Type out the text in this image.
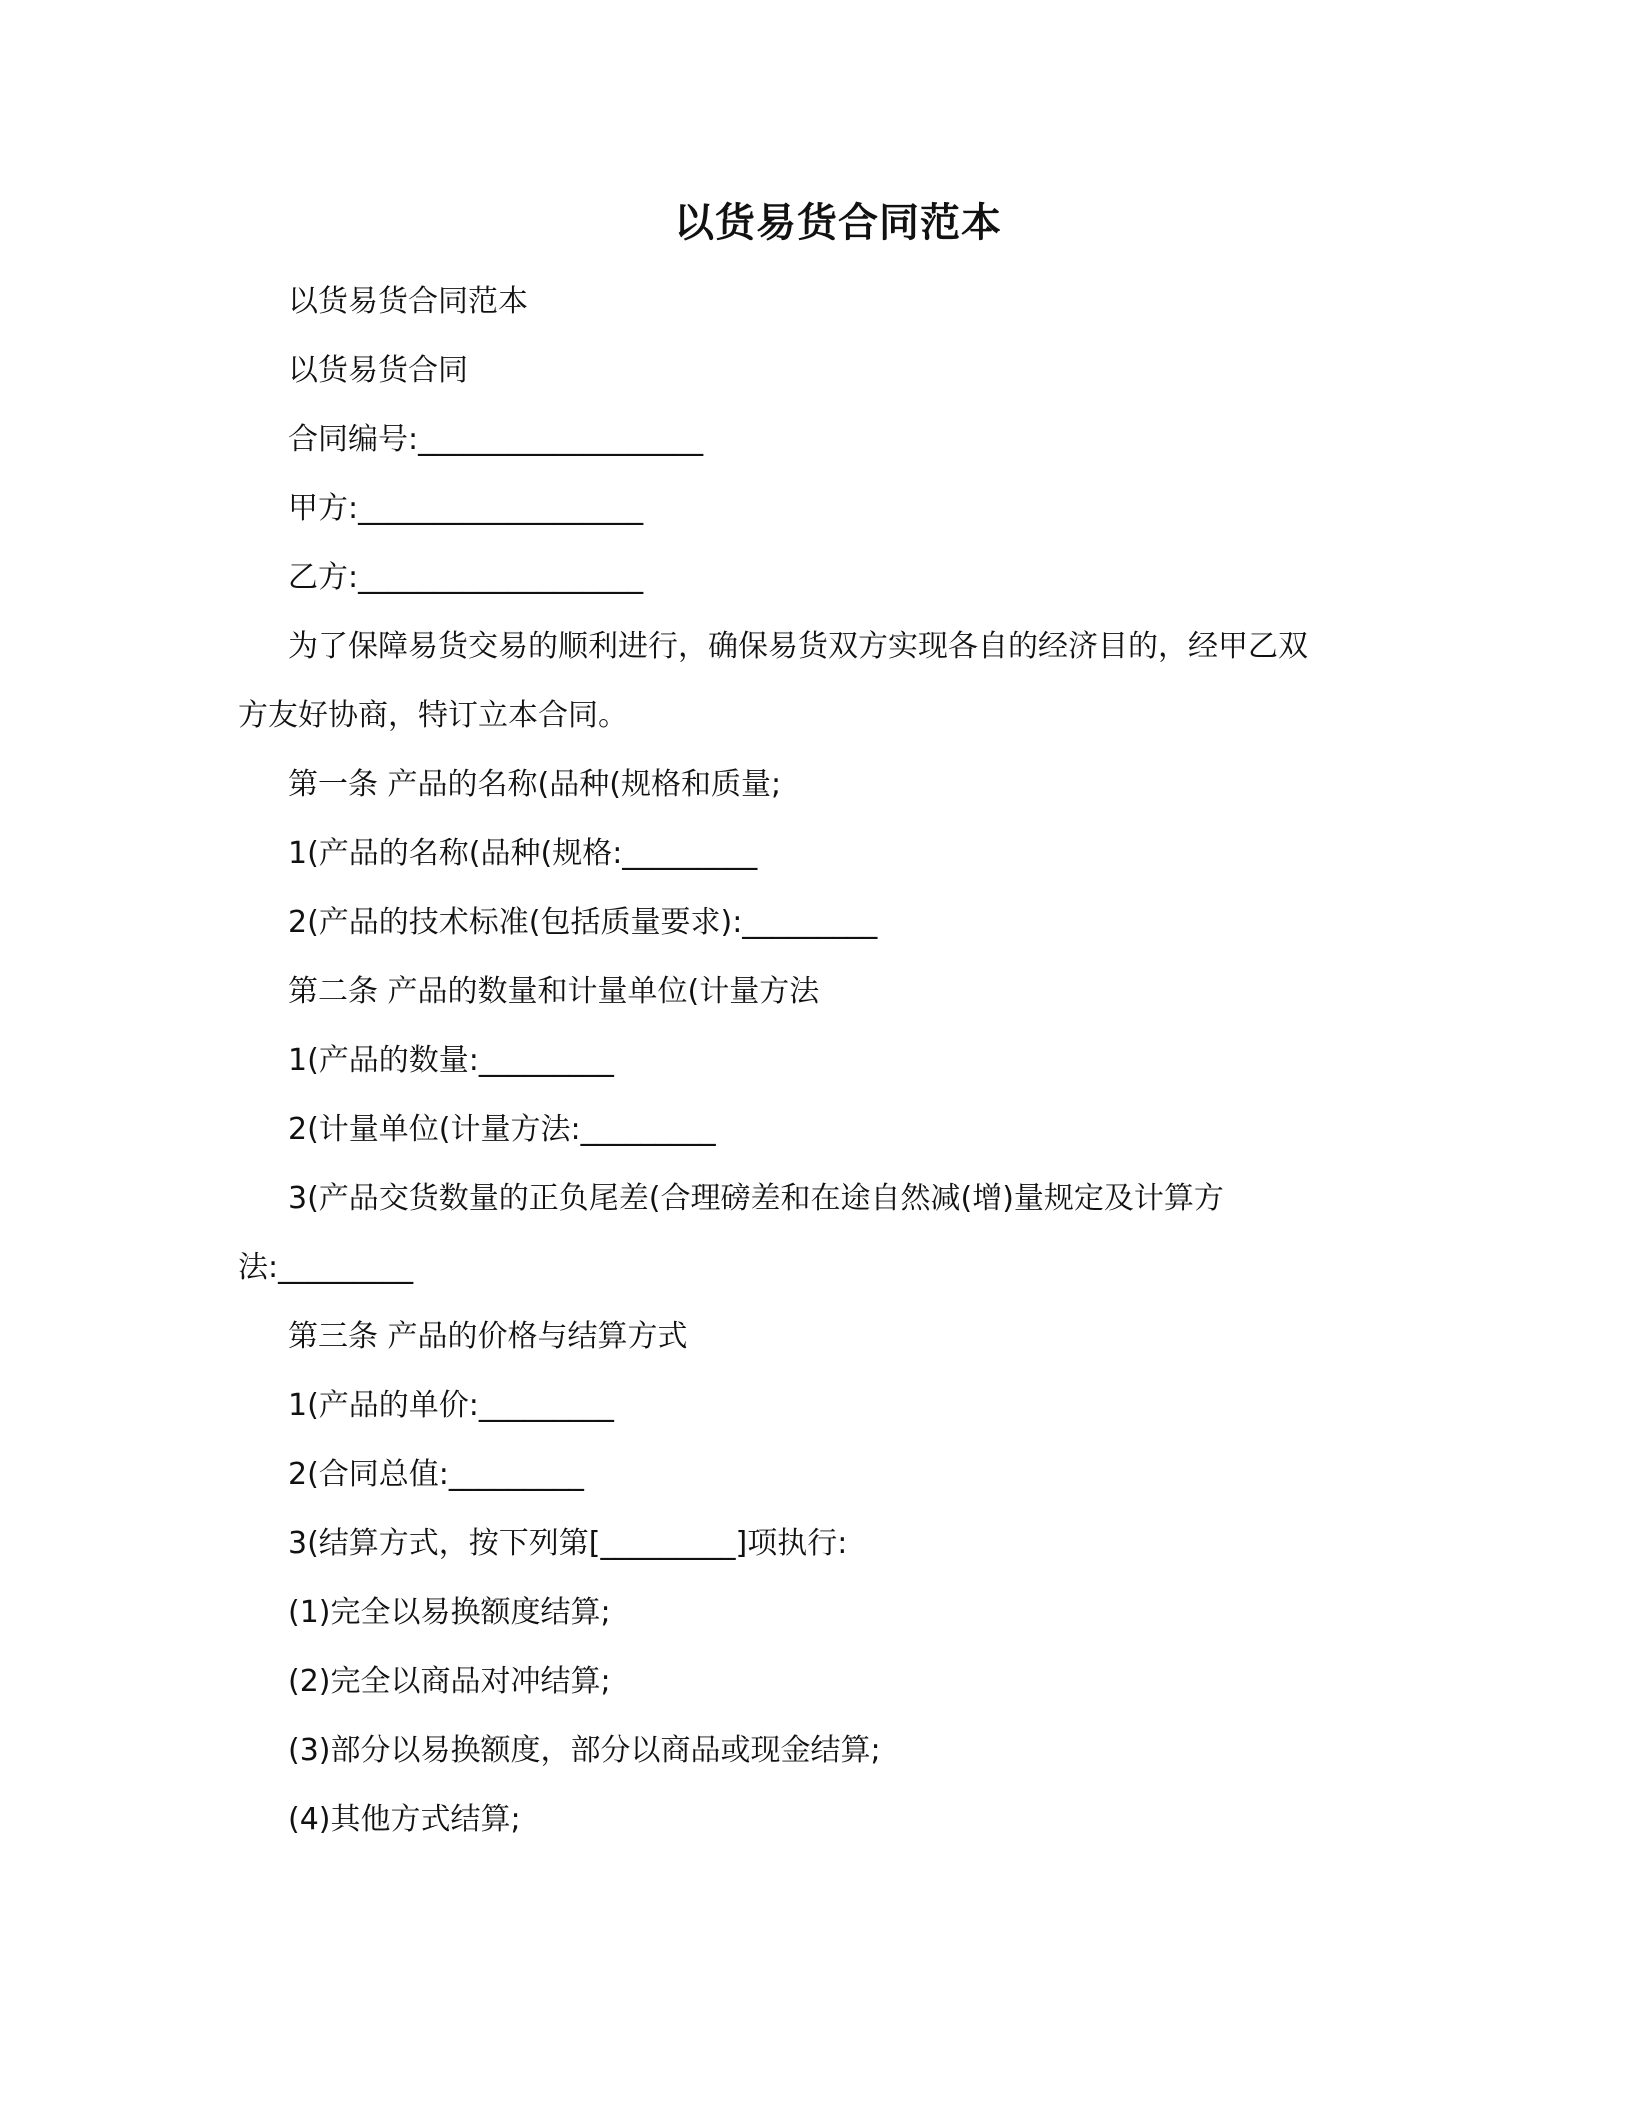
以货易货合同范本
以货易货合同范本
以货易货合同
合同编号:___________________
甲方:___________________
乙方:___________________
为了保障易货交易的顺利进行，确保易货双方实现各自的经济目的，经甲乙双
方友好协商，特订立本合同。
第一条 产品的名称(品种(规格和质量;
1(产品的名称(品种(规格:_________
2(产品的技术标准(包括质量要求):_________
第二条 产品的数量和计量单位(计量方法
1(产品的数量:_________
2(计量单位(计量方法:_________
3(产品交货数量的正负尾差(合理磅差和在途自然减(增)量规定及计算方
法:_________
第三条 产品的价格与结算方式
1(产品的单价:_________
2(合同总值:_________
3(结算方式，按下列第[_________]项执行:
(1)完全以易换额度结算;
(2)完全以商品对冲结算;
(3)部分以易换额度，部分以商品或现金结算;
(4)其他方式结算;
